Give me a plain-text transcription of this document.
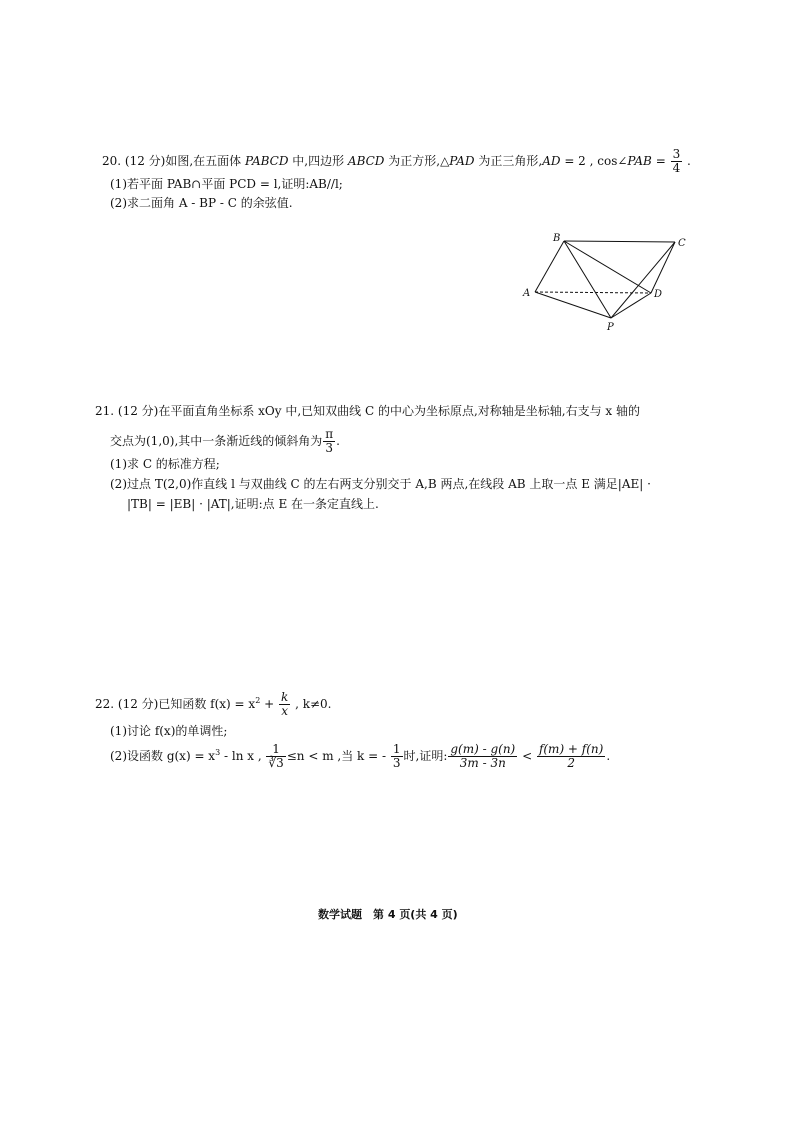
20. (12 分)如图,在五面体 PABCD 中,四边形 ABCD 为正方形,△PAD 为正三角形,AD = 2 , cos∠PAB = $\frac{3}{4}$ .
(1)若平面 PAB∩平面 PCD = l,证明:AB//l;
(2)求二面角 A - BP - C 的余弦值.
B	C
A	D
P
21. (12 分)在平面直角坐标系 xOy 中,已知双曲线 C 的中心为坐标原点,对称轴是坐标轴,右支与 x 轴的
交点为(1,0),其中一条渐近线的倾斜角为 $\frac{\pi}{3}$ .
(1)求 C 的标准方程;
(2)过点 T(2,0)作直线 l 与双曲线 C 的左右两支分别交于 A,B 两点,在线段 AB 上取一点 E 满足|AE| ·
|TB| = |EB| · |AT|,证明:点 E 在一条定直线上.
22. (12 分)已知函数 $f(x) = x^2 + \frac{k}{x}$ , k≠0.
(1)讨论 f(x)的单调性;
(2)设函数 $g(x) = x^3 - \ln x$ , $\frac{1}{∛3} \le n < m$ ,当 k = - $\frac{1}{3}$ 时,证明: $\frac{g(m) - g(n)}{3m - 3n} < \frac{f(m) + f(n)}{2}$ .
数学试题　第 4 页(共 4 页)
